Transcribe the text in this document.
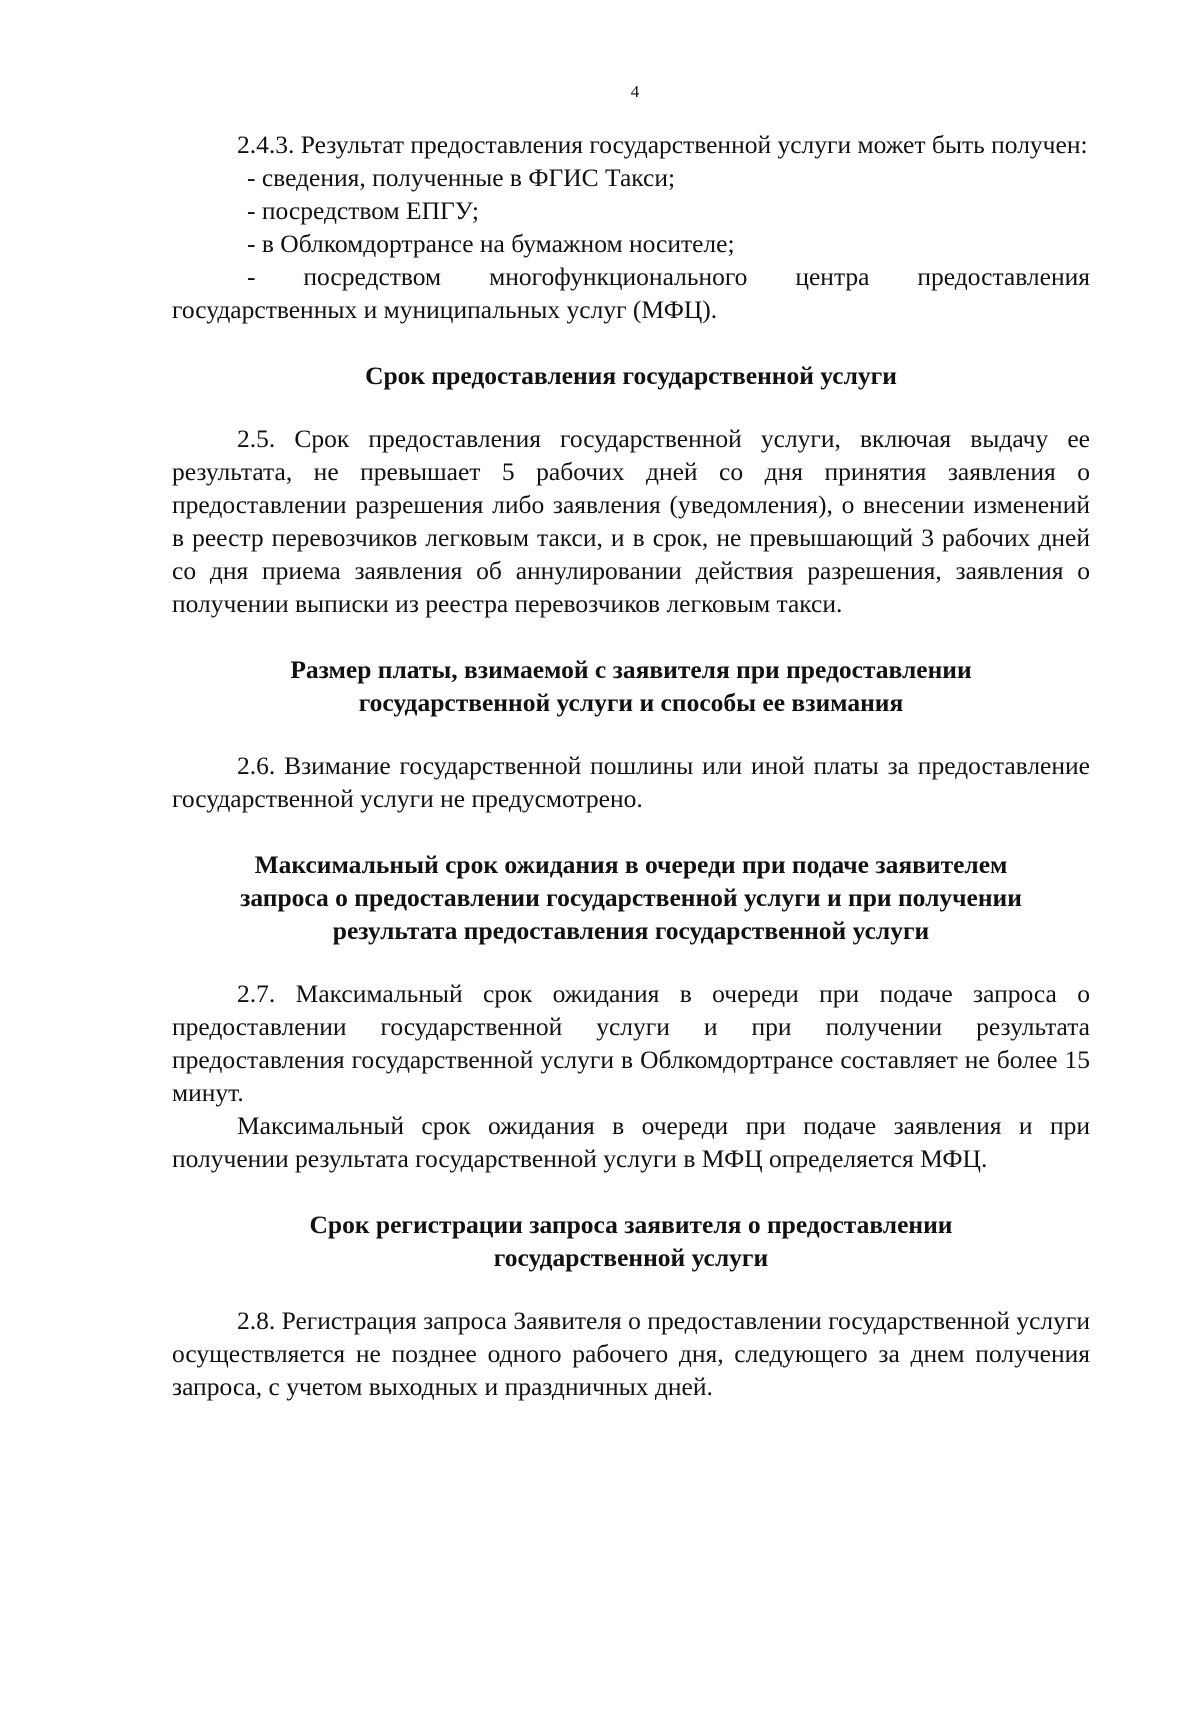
4

2.4.3. Результат предоставления государственной услуги может быть получен:

- сведения, полученные в ФГИС Такси;

- посредством ЕПГУ;

- в Облкомдортрансе на бумажном носителе;

- посредством многофункционального центра предоставления государственных и муниципальных услуг (МФЦ).

Срок предоставления государственной услуги

2.5. Срок предоставления государственной услуги, включая выдачу ее результата, не превышает 5 рабочих дней со дня принятия заявления о предоставлении разрешения либо заявления (уведомления), о внесении изменений в реестр перевозчиков легковым такси, и в срок, не превышающий 3 рабочих дней со дня приема заявления об аннулировании действия разрешения, заявления о получении выписки из реестра перевозчиков легковым такси.

Размер платы, взимаемой с заявителя при предоставлении
государственной услуги и способы ее взимания

2.6. Взимание государственной пошлины или иной платы за предоставление государственной услуги не предусмотрено.

Максимальный срок ожидания в очереди при подаче заявителем
запроса о предоставлении государственной услуги и при получении
результата предоставления государственной услуги

2.7. Максимальный срок ожидания в очереди при подаче запроса о предоставлении государственной услуги и при получении результата предоставления государственной услуги в Облкомдортрансе составляет не более 15 минут.

Максимальный срок ожидания в очереди при подаче заявления и при получении результата государственной услуги в МФЦ определяется МФЦ.

Срок регистрации запроса заявителя о предоставлении
государственной услуги

2.8. Регистрация запроса Заявителя о предоставлении государственной услуги осуществляется не позднее одного рабочего дня, следующего за днем получения запроса, с учетом выходных и праздничных дней.
